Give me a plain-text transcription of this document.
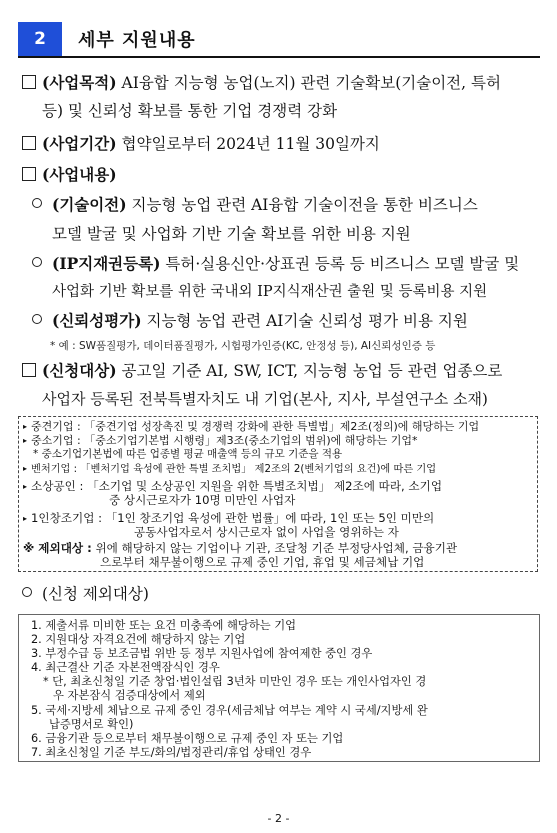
2	세부 지원내용
(사업목적) AI융합 지능형 농업(노지) 관련 기술확보(기술이전, 특허
등) 및 신뢰성 확보를 통한 기업 경쟁력 강화
(사업기간) 협약일로부터 2024년 11월 30일까지
(사업내용)
(기술이전) 지능형 농업 관련 AI융합 기술이전을 통한 비즈니스
모델 발굴 및 사업화 기반 기술 확보를 위한 비용 지원
(IP지재권등록) 특허·실용신안·상표권 등록 등 비즈니스 모델 발굴 및
사업화 기반 확보를 위한 국내외 IP지식재산권 출원 및 등록비용 지원
(신뢰성평가) 지능형 농업 관련 AI기술 신뢰성 평가 비용 지원
* 예 : SW품질평가, 데이터품질평가, 시험평가인증(KC, 안정성 등), AI신뢰성인증 등
(신청대상) 공고일 기준 AI, SW, ICT, 지능형 농업 등 관련 업종으로
사업자 등록된 전북특별자치도 내 기업(본사, 지사, 부설연구소 소재)
▸ 중견기업 : 「중견기업 성장촉진 및 경쟁력 강화에 관한 특별법」제2조(정의)에 해당하는 기업
▸ 중소기업 : 「중소기업기본법 시행령」제3조(중소기업의 범위)에 해당하는 기업*
* 중소기업기본법에 따른 업종별 평균 매출액 등의 규모 기준을 적용
▸ 벤처기업 : 「벤처기업 육성에 관한 특별 조치법」 제2조의 2(벤처기업의 요건)에 따른 기업
▸ 소상공인 : 「소기업 및 소상공인 지원을 위한 특별조치법」 제2조에 따라, 소기업
중 상시근로자가 10명 미만인 사업자
▸ 1인창조기업 : 「1인 창조기업 육성에 관한 법률」에 따라, 1인 또는 5인 미만의
공동사업자로서 상시근로자 없이 사업을 영위하는 자
※ 제외대상 : 위에 해당하지 않는 기업이나 기관, 조달청 기준 부정당사업체, 금융기관
으로부터 채무불이행으로 규제 중인 기업, 휴업 및 세금체납 기업
(신청 제외대상)
1. 제출서류 미비한 또는 요건 미충족에 해당하는 기업
2. 지원대상 자격요건에 해당하지 않는 기업
3. 부정수급 등 보조금법 위반 등 정부 지원사업에 참여제한 중인 경우
4. 최근결산 기준 자본전액잠식인 경우
* 단, 최초신청일 기준 창업·법인설립 3년차 미만인 경우 또는 개인사업자인 경
우 자본잠식 검증대상에서 제외
5. 국세·지방세 체납으로 규제 중인 경우(세금체납 여부는 계약 시 국세/지방세 완
납증명서로 확인)
6. 금융기관 등으로부터 채무불이행으로 규제 중인 자 또는 기업
7. 최초신청일 기준 부도/화의/법정관리/휴업 상태인 경우
- 2 -
